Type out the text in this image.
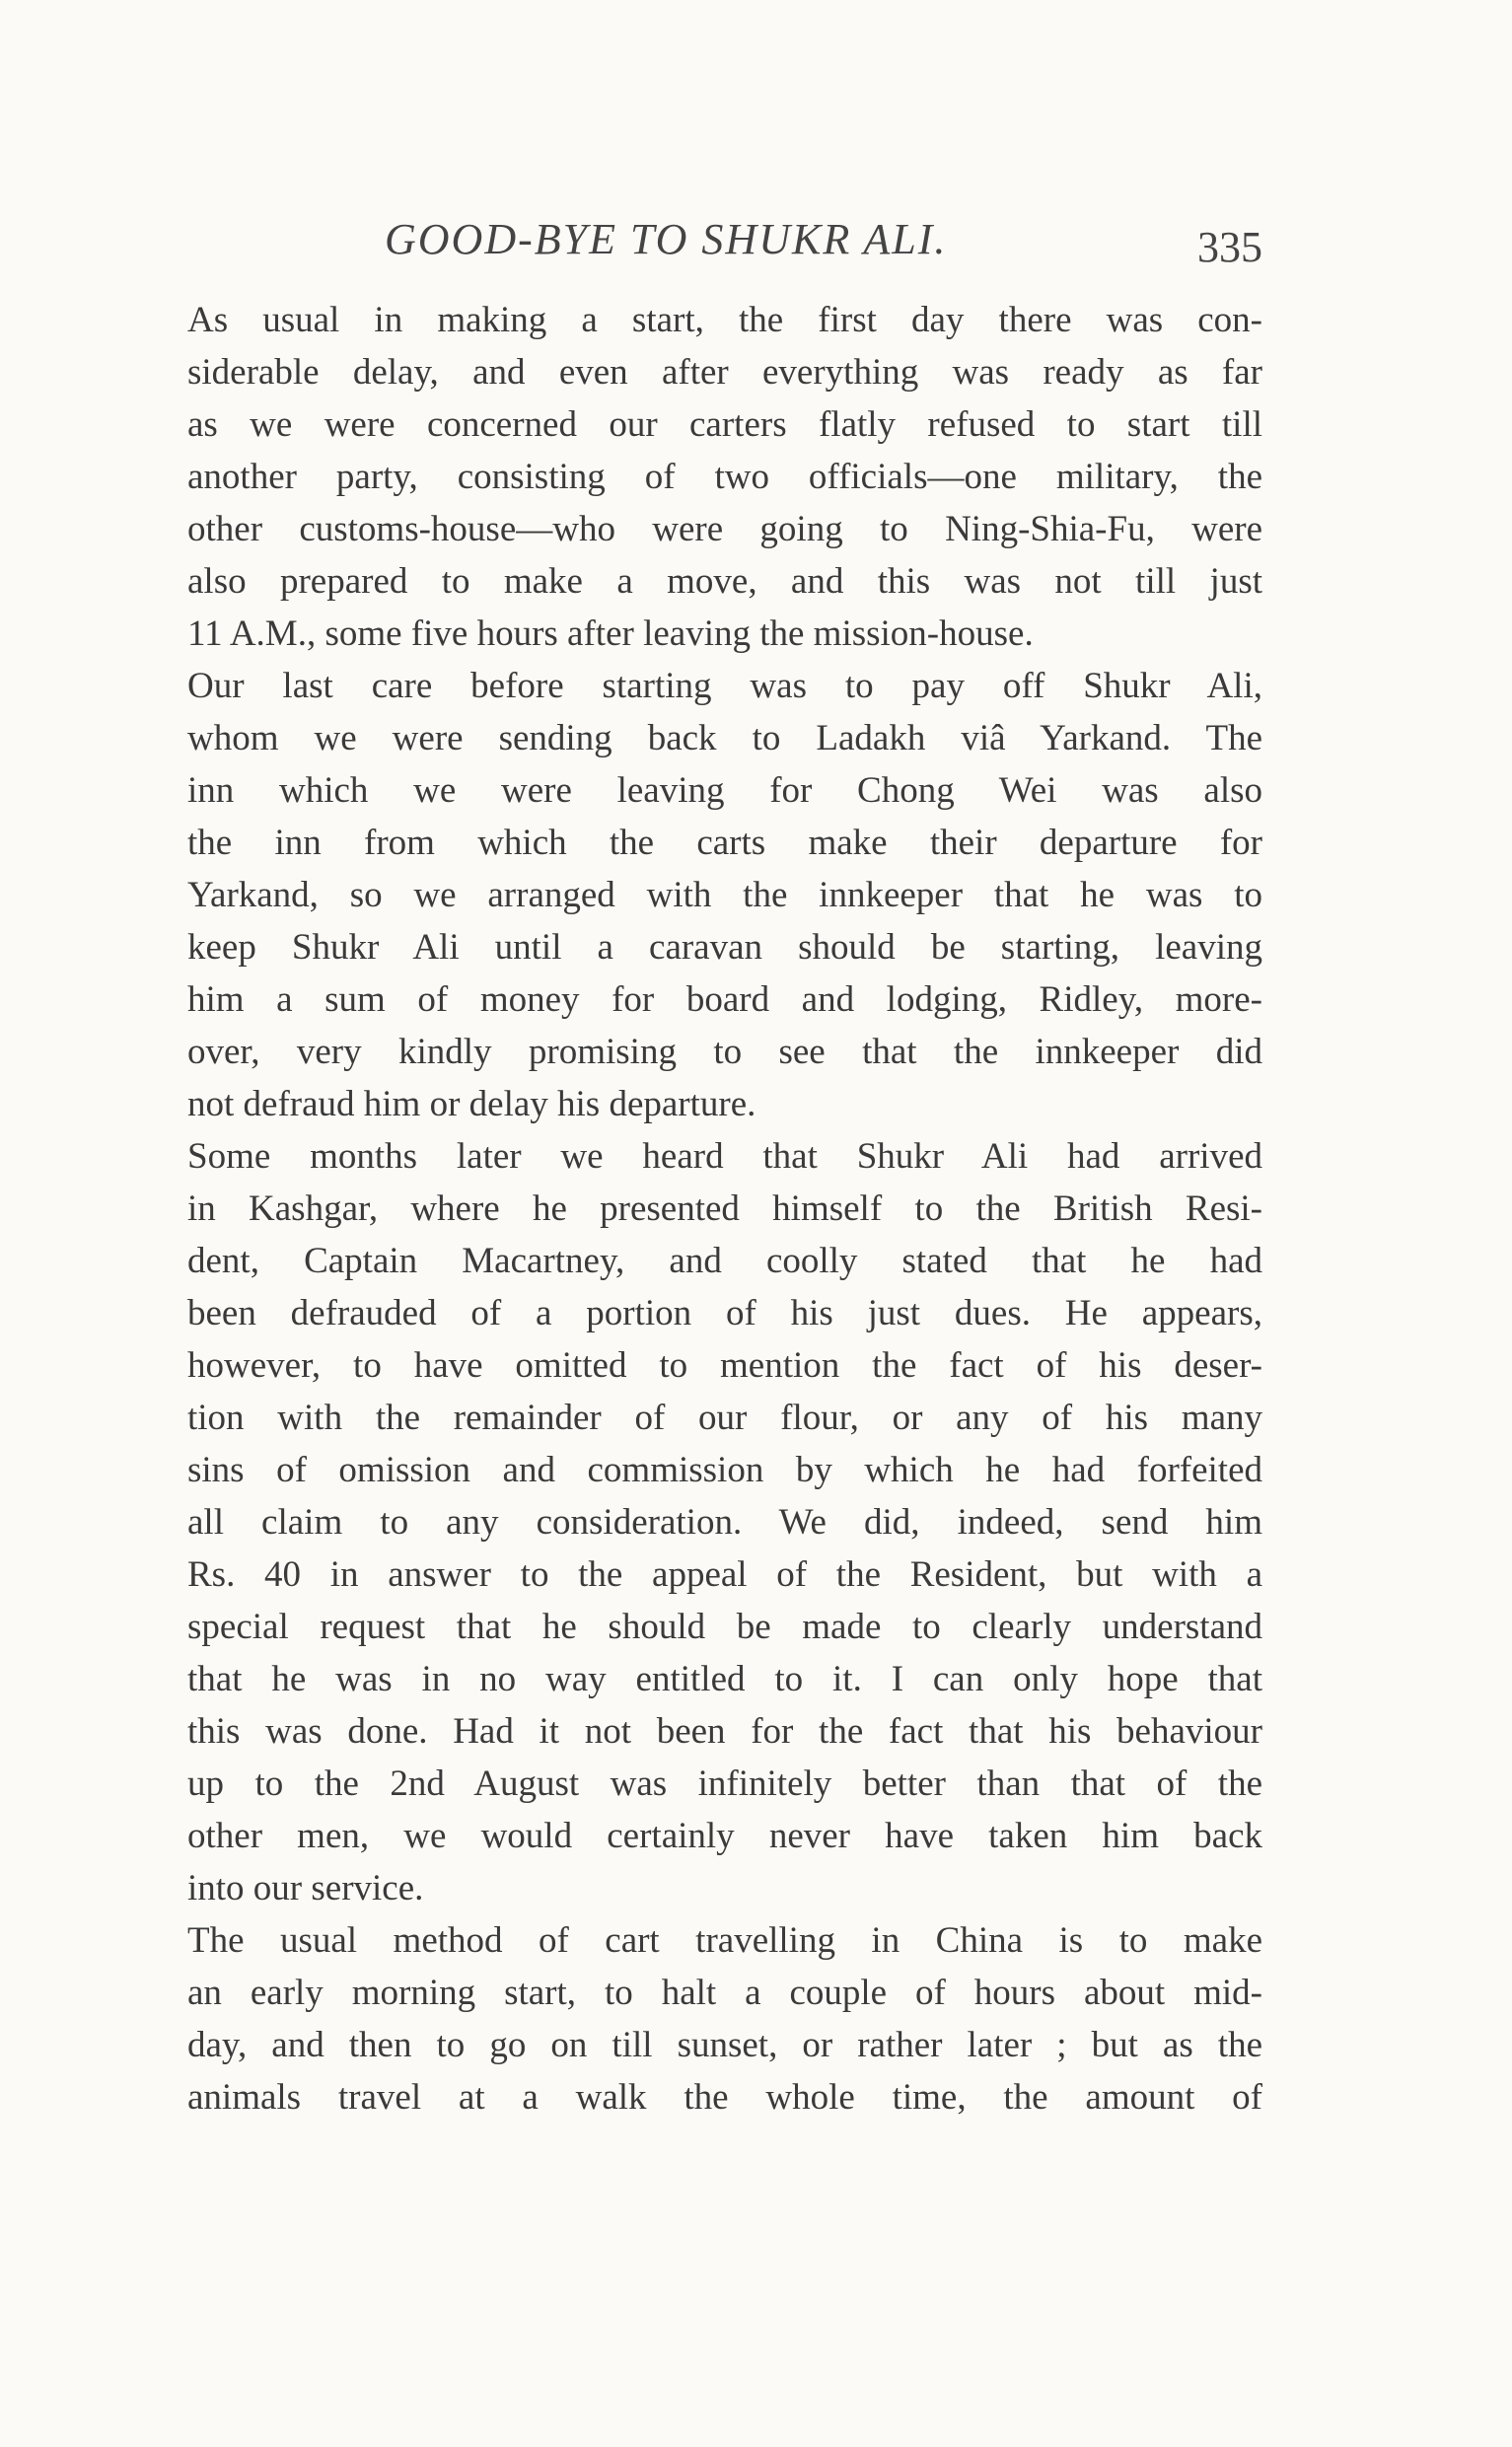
GOOD-BYE TO SHUKR ALI.	335
As usual in making a start, the first day there was con-
siderable delay, and even after everything was ready as far
as we were concerned our carters flatly refused to start till
another party, consisting of two officials—one military, the
other customs-house—who were going to Ning-Shia-Fu, were
also prepared to make a move, and this was not till just
11 A.M., some five hours after leaving the mission-house.
Our last care before starting was to pay off Shukr Ali,
whom we were sending back to Ladakh viâ Yarkand. The
inn which we were leaving for Chong Wei was also
the inn from which the carts make their departure for
Yarkand, so we arranged with the innkeeper that he was to
keep Shukr Ali until a caravan should be starting, leaving
him a sum of money for board and lodging, Ridley, more-
over, very kindly promising to see that the innkeeper did
not defraud him or delay his departure.
Some months later we heard that Shukr Ali had arrived
in Kashgar, where he presented himself to the British Resi-
dent, Captain Macartney, and coolly stated that he had
been defrauded of a portion of his just dues. He appears,
however, to have omitted to mention the fact of his deser-
tion with the remainder of our flour, or any of his many
sins of omission and commission by which he had forfeited
all claim to any consideration. We did, indeed, send him
Rs. 40 in answer to the appeal of the Resident, but with a
special request that he should be made to clearly understand
that he was in no way entitled to it. I can only hope that
this was done. Had it not been for the fact that his behaviour
up to the 2nd August was infinitely better than that of the
other men, we would certainly never have taken him back
into our service.
The usual method of cart travelling in China is to make
an early morning start, to halt a couple of hours about mid-
day, and then to go on till sunset, or rather later ; but as the
animals travel at a walk the whole time, the amount of
